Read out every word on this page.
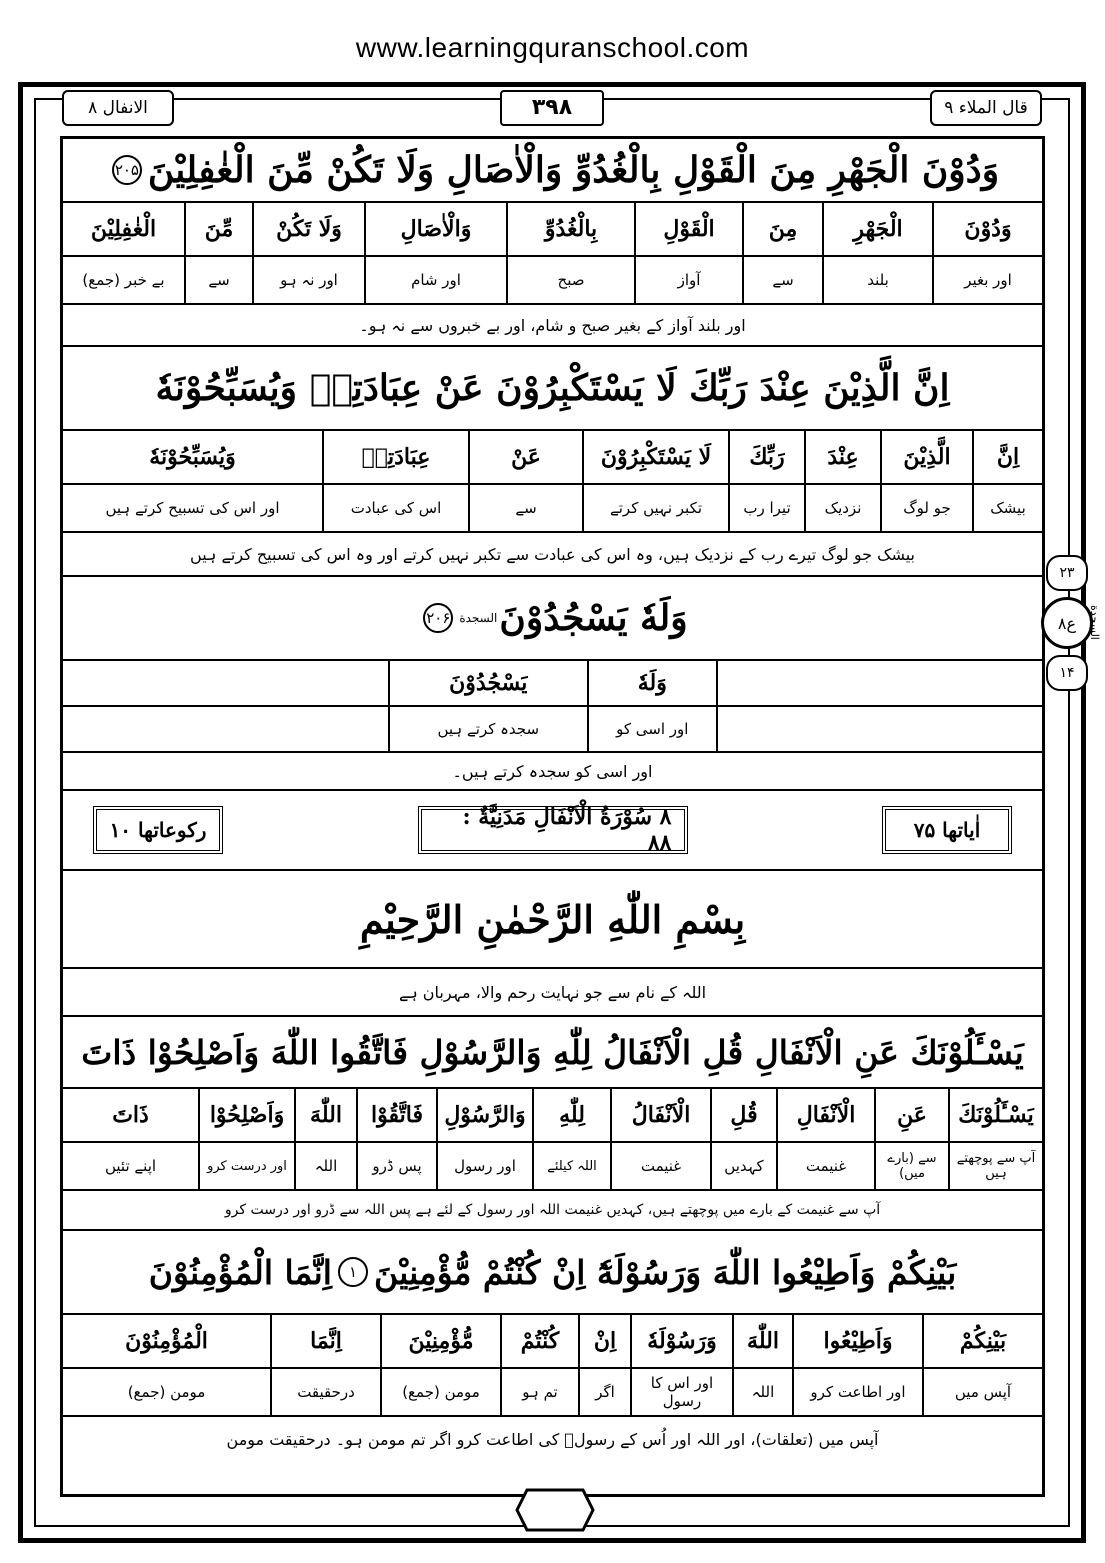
www.learningquranschool.com
الانفال ٨	۳۹۸	قال الملاء ۹
۲۳
ع٨
۱۴
السجدة
وَدُوْنَ الْجَهْرِ مِنَ الْقَوْلِ بِالْغُدُوِّ وَالْاٰصَالِ وَلَا تَكُنْ مِّنَ الْغٰفِلِيْنَ
۲۰۵
وَدُوْنَ
الْجَهْرِ
مِنَ
الْقَوْلِ
بِالْغُدُوِّ
وَالْاٰصَالِ
وَلَا تَكُنْ
مِّنَ
الْغٰفِلِيْنَ
اور بغیر
بلند
سے
آواز
صبح
اور شام
اور نہ ہو
سے
بے خبر (جمع)
اور بلند آواز کے بغیر صبح و شام، اور بے خبروں سے نہ ہو۔
اِنَّ الَّذِيْنَ عِنْدَ رَبِّكَ لَا يَسْتَكْبِرُوْنَ عَنْ عِبَادَتِهٖ وَيُسَبِّحُوْنَهٗ
اِنَّ
الَّذِيْنَ
عِنْدَ
رَبِّكَ
لَا يَسْتَكْبِرُوْنَ
عَنْ
عِبَادَتِهٖ
وَيُسَبِّحُوْنَهٗ
بیشک
جو لوگ
نزدیک
تیرا رب
تکبر نہیں کرتے
سے
اس کی عبادت
اور اس کی تسبیح کرتے ہیں
بیشک جو لوگ تیرے رب کے نزدیک ہیں، وہ اس کی عبادت سے تکبر نہیں کرتے اور وہ اس کی تسبیح کرتے ہیں
وَلَهٗ يَسْجُدُوْنَ
السجدة
۲۰۶
وَلَهٗ
يَسْجُدُوْنَ
اور اسی کو
سجدہ کرتے ہیں
اور اسی کو سجدہ کرتے ہیں۔
اٰیاتھا ۷۵
٨ سُوْرَةُ الْاَنْفَالِ مَدَنِيَّةٌ : ٨٨
رکوعاتھا ١٠
بِسْمِ اللّٰهِ الرَّحْمٰنِ الرَّحِيْمِ
اللہ کے نام سے جو نہایت رحم والا، مہربان ہے
يَسْـَٔلُوْنَكَ عَنِ الْاَنْفَالِ قُلِ الْاَنْفَالُ لِلّٰهِ وَالرَّسُوْلِ فَاتَّقُوا اللّٰهَ وَاَصْلِحُوْا ذَاتَ
يَسْـَٔلُوْنَكَ
عَنِ
الْاَنْفَالِ
قُلِ
الْاَنْفَالُ
لِلّٰهِ
وَالرَّسُوْلِ
فَاتَّقُوْا
اللّٰهَ
وَاَصْلِحُوْا
ذَاتَ
آپ سے پوچھتے ہیں
سے (بارے میں)
غنیمت
کہدیں
غنیمت
اللہ کیلئے
اور رسول
پس ڈرو
اللہ
اور درست کرو
اپنے تئیں
آپ سے غنیمت کے بارے میں پوچھتے ہیں، کہدیں غنیمت اللہ اور رسول کے لئے ہے پس اللہ سے ڈرو اور درست کرو
بَيْنِكُمْ وَاَطِيْعُوا اللّٰهَ وَرَسُوْلَهٗٓ اِنْ كُنْتُمْ مُّؤْمِنِيْنَ
١
اِنَّمَا الْمُؤْمِنُوْنَ
بَيْنِكُمْ
وَاَطِيْعُوا
اللّٰهَ
وَرَسُوْلَهٗ
اِنْ
كُنْتُمْ
مُّؤْمِنِيْنَ
اِنَّمَا
الْمُؤْمِنُوْنَ
آپس میں
اور اطاعت کرو
اللہ
اور اس کا رسول
اگر
تم ہو
مومن (جمع)
درحقیقت
مومن (جمع)
آپس میں (تعلقات)، اور اللہ اور اُس کے رسولؐ کی اطاعت کرو اگر تم مومن ہو۔ درحقیقت مومن
